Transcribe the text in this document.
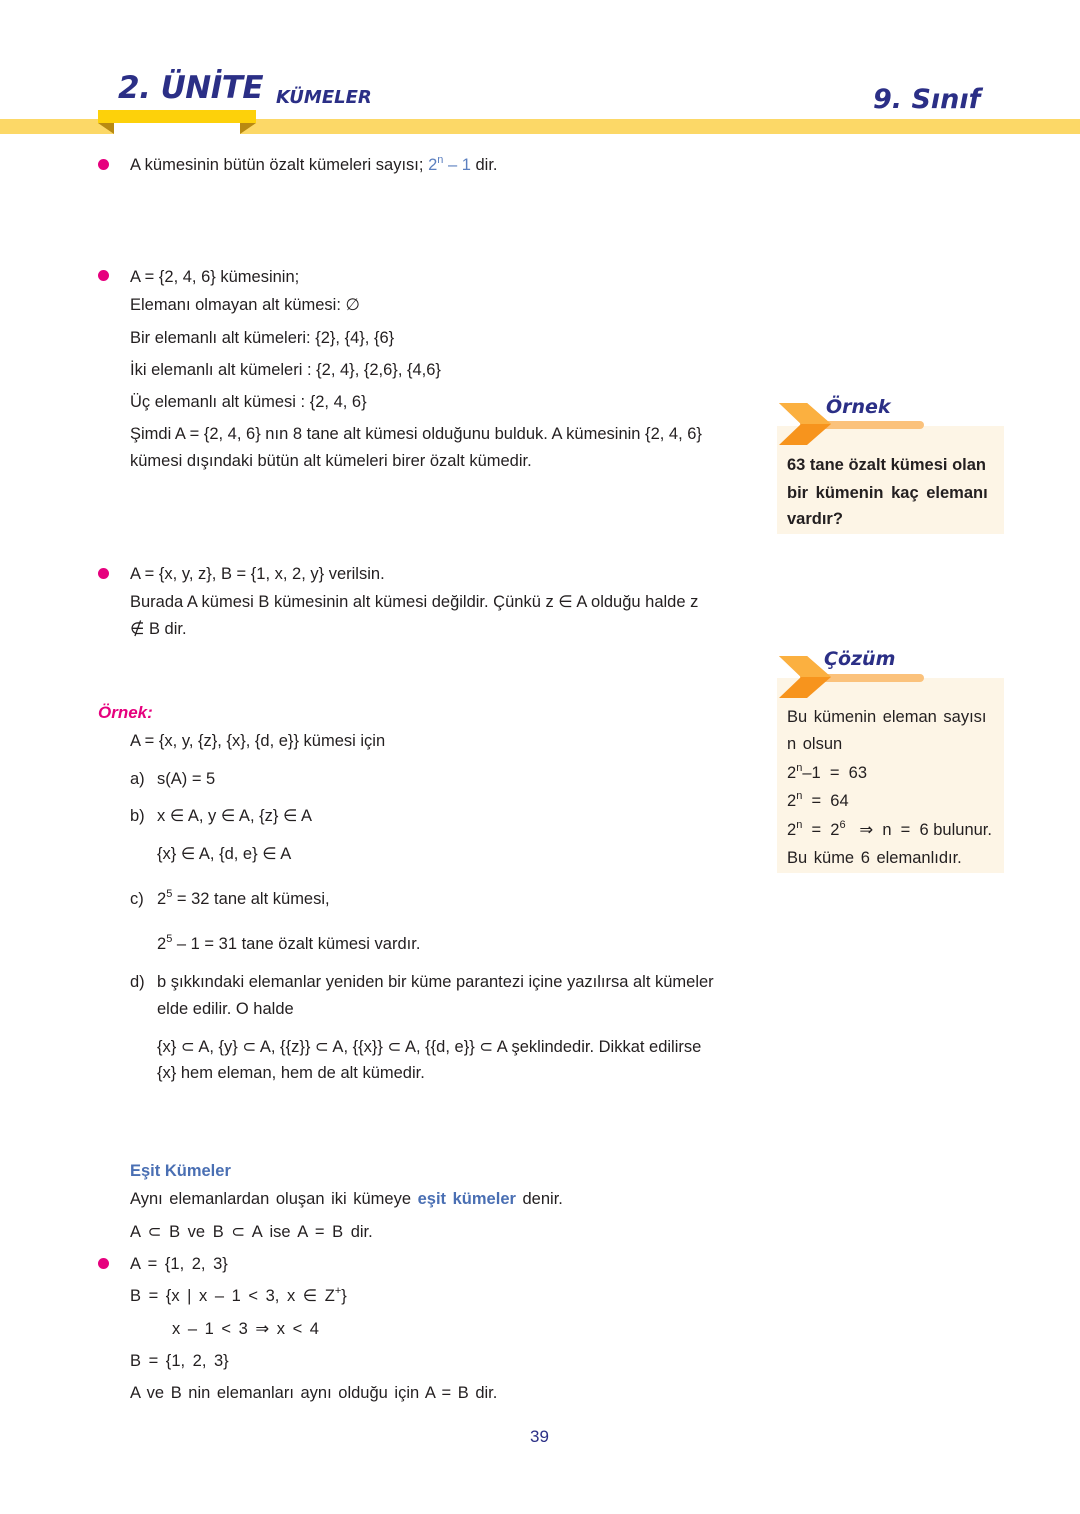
2. ÜNİTE KÜMELER	9. Sınıf
A kümesinin bütün özalt kümeleri sayısı; 2$^n$ – 1 dir.
A = {2, 4, 6} kümesinin;
Elemanı olmayan alt kümesi: ∅
Bir elemanlı alt kümeleri: {2}, {4}, {6}
İki elemanlı alt kümeleri : {2, 4}, {2,6}, {4,6}
Üç elemanlı alt kümesi : {2, 4, 6}
Şimdi A = {2, 4, 6} nın 8 tane alt kümesi olduğunu bulduk. A kümesinin {2, 4, 6}
kümesi dışındaki bütün alt kümeleri birer özalt kümedir.
A = {x, y, z}, B = {1, x, 2, y} verilsin.
Burada A kümesi B kümesinin alt kümesi değildir. Çünkü z ∈ A olduğu halde z
∉ B dir.
Örnek:
A = {x, y, {z}, {x}, {d, e}} kümesi için
a) s(A) = 5
b) x ∈ A, y ∈ A, {z} ∈ A
{x} ∈ A, {d, e} ∈ A
c) $2^5 = 32$ tane alt kümesi,
$2^5 - 1 = 31$ tane özalt kümesi vardır.
d) b şıkkındaki elemanlar yeniden bir küme parantezi içine yazılırsa alt kümeler
elde edilir. O halde
{x} ⊂ A, {y} ⊂ A, {{z}} ⊂ A, {{x}} ⊂ A, {{d, e}} ⊂ A şeklindedir. Dikkat edilirse
{x} hem eleman, hem de alt kümedir.
Eşit Kümeler
Aynı elemanlardan oluşan iki kümeye eşit kümeler denir.
A ⊂ B ve B ⊂ A ise A = B dir.
A = {1, 2, 3}
B = {x | x – 1 < 3, x ∈ Z+}
x – 1 < 3 ⇒ x < 4
B = {1, 2, 3}
A ve B nin elemanları aynı olduğu için A = B dir.
Örnek
63 tane özalt kümesi olan
bir kümenin kaç elemanı
vardır?
Çözüm
Bu kümenin eleman sayısı
n olsun
2$^n$–1  =  63
2$^n$  =  64
$2^n = 2^6$   ⇒  n  =  6 bulunur.
Bu küme 6 elemanlıdır.
39
